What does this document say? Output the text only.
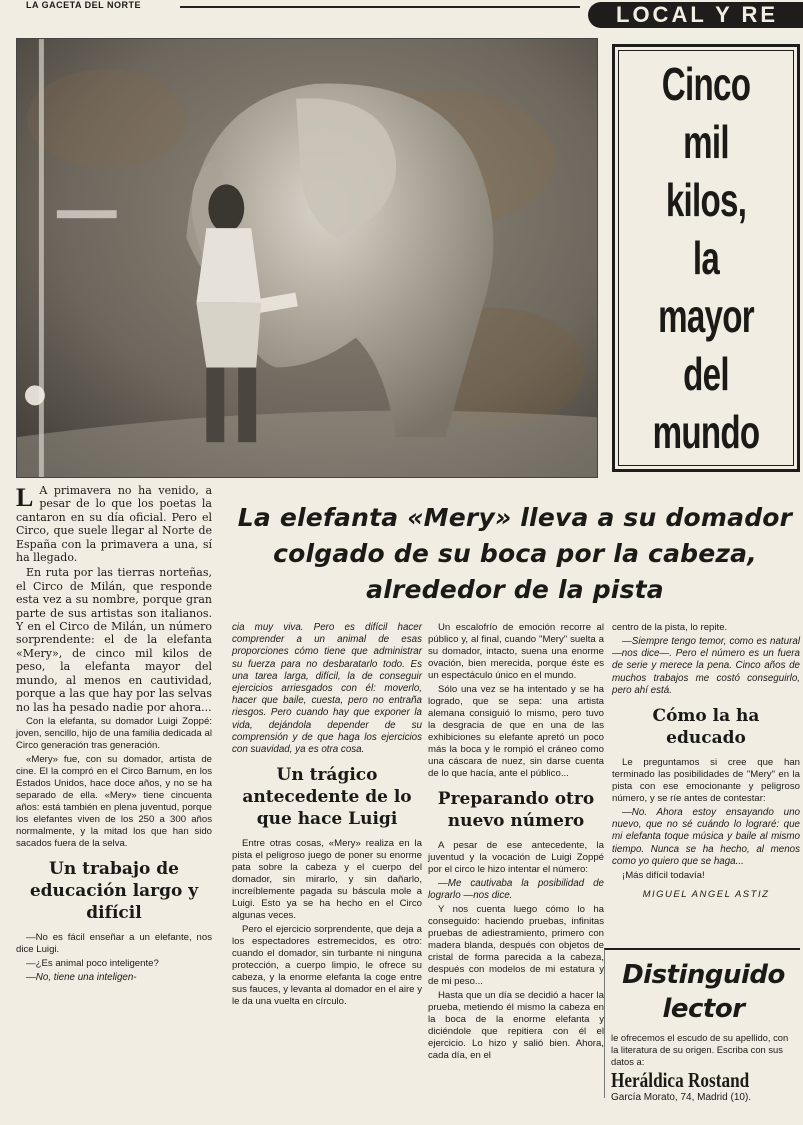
LA GACETA DEL NORTE	LOCAL Y RE
Cinco
mil kilos,
la
mayor del
mundo
La elefanta «Mery» lleva a su domador colgado de su boca por la cabeza, alrededor de la pista

L A primavera no ha venido, a pesar de lo que los poetas la cantaron en su día oficial. Pero el Circo, que suele llegar al Norte de España con la primavera a una, sí ha llegado.

En ruta por las tierras norteñas, el Circo de Milán, que responde esta vez a su nombre, porque gran parte de sus artistas son italianos. Y en el Circo de Milán, un número sorprendente: el de la elefanta «Mery», de cinco mil kilos de peso, la elefanta mayor del mundo, al menos en cautividad, porque a las que hay por las selvas no las ha pesado nadie por ahora...

Con la elefanta, su domador Luigi Zoppé: joven, sencillo, hijo de una familia dedicada al Circo generación tras generación.

«Mery» fue, con su domador, artista de cine. El la compró en el Circo Barnum, en los Estados Unidos, hace doce años, y no se ha separado de ella. «Mery» tiene cincuenta años: está también en plena juventud, porque los elefantes viven de los 250 a 300 años normalmente, y la mitad los que han sido sacados fuera de la selva.

Un trabajo de educación largo y difícil

—No es fácil enseñar a un elefante, nos dice Luigi.

—¿Es animal poco inteligente?

—No, tiene una inteligen-

cia muy viva. Pero es difícil hacer comprender a un animal de esas proporciones cómo tiene que administrar su fuerza para no desbaratarlo todo. Es una tarea larga, difícil, la de conseguir ejercicios arriesgados con él: moverlo, hacer que baile, cuesta, pero no entraña riesgos. Pero cuando hay que exponer la vida, dejándola depender de su comprensión y de que haga los ejercicios con suavidad, ya es otra cosa.

Un trágico antecedente de lo que hace Luigi

Entre otras cosas, «Mery» realiza en la pista el peligroso juego de poner su enorme pata sobre la cabeza y el cuerpo del domador, sin mirarlo, y sin dañarlo, increíblemente pagada su báscula mole a Luigi. Esto ya se ha hecho en el Circo algunas veces.

Pero el ejercicio sorprendente, que deja a los espectadores estremecidos, es otro: cuando el domador, sin turbante ni ninguna protección, a cuerpo limpio, le ofrece su cabeza, y la enorme elefanta la coge entre sus fauces, y levanta al domador en el aire y le da una vuelta en círculo.

Un escalofrío de emoción recorre al público y, al final, cuando "Mery" suelta a su domador, intacto, suena una enorme ovación, bien merecida, porque éste es un espectáculo único en el mundo.

Sólo una vez se ha intentado y se ha logrado, que se sepa: una artista alemana consiguió lo mismo, pero tuvo la desgracia de que en una de las exhibiciones su elefante apretó un poco más la boca y le rompió el cráneo como una cáscara de nuez, sin darse cuenta de lo que hacía, ante el público...

Preparando otro nuevo número

A pesar de ese antecedente, la juventud y la vocación de Luigi Zoppé por el circo le hizo intentar el número:

—Me cautivaba la posibilidad de lograrlo —nos dice.

Y nos cuenta luego cómo lo ha conseguido: haciendo pruebas, infinitas pruebas de adiestramiento, primero con madera blanda, después con objetos de cristal de forma parecida a la cabeza, después con modelos de mi estatura y de mi peso...

Hasta que un día se decidió a hacer la prueba, metiendo él mismo la cabeza en la boca de la enorme elefanta y diciéndole que repitiera con él el ejercicio. Lo hizo y salió bien. Ahora, cada día, en el

centro de la pista, lo repite.

—Siempre tengo temor, como es natural —nos dice—. Pero el número es un fuera de serie y merece la pena. Cinco años de muchos trabajos me costó conseguirlo, pero ahí está.

Cómo la ha educado

Le preguntamos si cree que han terminado las posibilidades de "Mery" en la pista con ese emocionante y peligroso número, y se ríe antes de contestar:

—No. Ahora estoy ensayando uno nuevo, que no sé cuándo lo lograré: que mi elefanta toque música y baile al mismo tiempo. Nunca se ha hecho, al menos como yo quiero que se haga...

¡Más difícil todavía!

MIGUEL ANGEL ASTIZ
Distinguido
lector
le ofrecemos el escudo de su apellido, con la literatura de su origen. Escriba con sus datos a:
Heráldica Rostand
García Morato, 74, Madrid (10).
